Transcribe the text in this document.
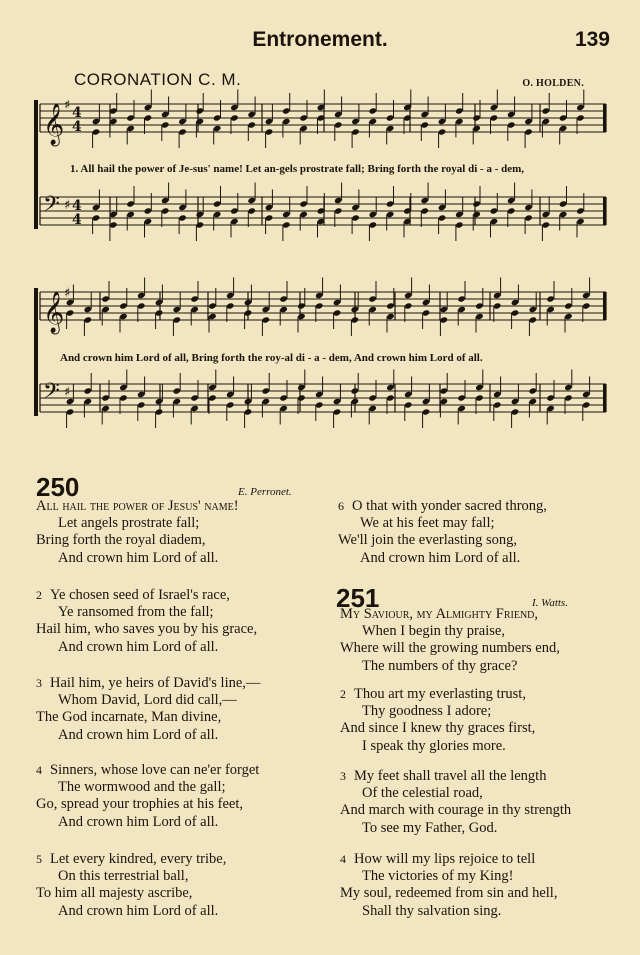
Entronement.	139
CORONATION C. M.	O. HOLDEN.
𝄞 ♯ 4
4
𝄢 ♯ 4
4
𝄞 ♯
𝄢 ♯
1. All hail the power of Je-sus' name! Let an-gels prostrate fall; Bring forth the royal di - a - dem,
And crown him Lord of all, Bring forth the roy-al di - a - dem, And crown him Lord of all.
250	E. Perronet.
All hail the power of Jesus' name!
Let angels prostrate fall;
Bring forth the royal diadem,
And crown him Lord of all.
2 Ye chosen seed of Israel's race,
Ye ransomed from the fall;
Hail him, who saves you by his grace,
And crown him Lord of all.
3 Hail him, ye heirs of David's line,—
Whom David, Lord did call,—
The God incarnate, Man divine,
And crown him Lord of all.
4 Sinners, whose love can ne'er forget
The wormwood and the gall;
Go, spread your trophies at his feet,
And crown him Lord of all.
5 Let every kindred, every tribe,
On this terrestrial ball,
To him all majesty ascribe,
And crown him Lord of all.
6 O that with yonder sacred throng,
We at his feet may fall;
We'll join the everlasting song,
And crown him Lord of all.
251	I. Watts.
My Saviour, my Almighty Friend,
When I begin thy praise,
Where will the growing numbers end,
The numbers of thy grace?
2 Thou art my everlasting trust,
Thy goodness I adore;
And since I knew thy graces first,
I speak thy glories more.
3 My feet shall travel all the length
Of the celestial road,
And march with courage in thy strength
To see my Father, God.
4 How will my lips rejoice to tell
The victories of my King!
My soul, redeemed from sin and hell,
Shall thy salvation sing.
